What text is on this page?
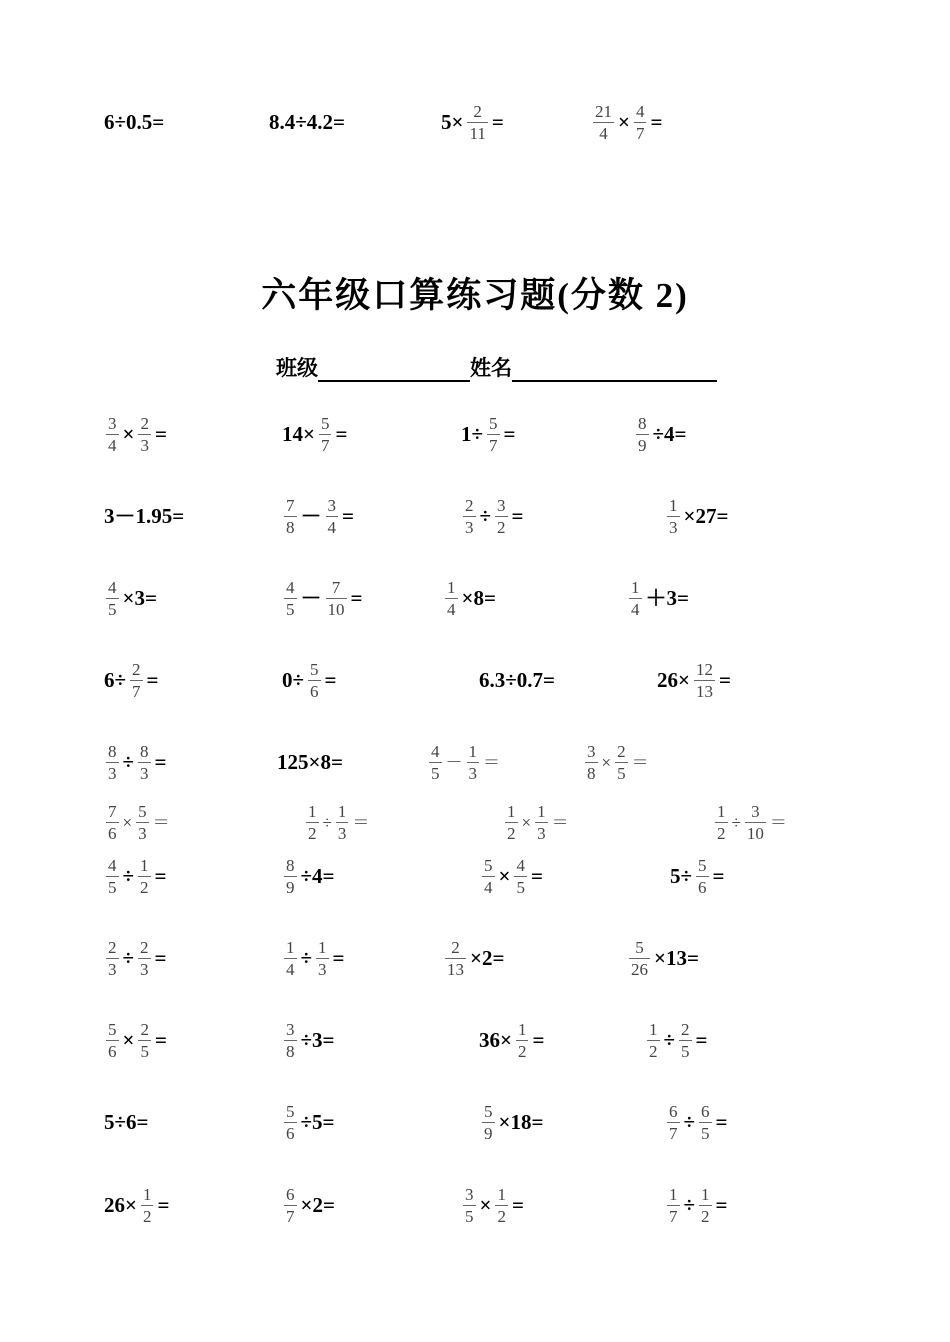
六年级口算练习题(分数 2)
班级	姓名
6÷0.5=	8.4÷4.2=	$5\times \frac{2}{11}$ =	$\frac{21}{4} \times \frac{4}{7}$ =
$\frac{3}{4} \times \frac{2}{3}$ =	$14\times \frac{5}{7}$ =	$1\div \frac{5}{7}$ =	$\frac{8}{9} \div 4=$
3－1.95=	$\frac{7}{8} - \frac{3}{4}$ =	$\frac{2}{3} \div \frac{3}{2}$ =	$\frac{1}{3} \times 27=$
$\frac{4}{5} \times 3=$	$\frac{4}{5} - \frac{7}{10}$ =	$\frac{1}{4} \times 8=$	$\frac{1}{4} +3=$
$6\div \frac{2}{7}$ =	$0\div \frac{5}{6}$ =	6.3÷0.7=	$26\times \frac{12}{13}$ =
$\frac{8}{3} \div \frac{8}{3}$ =	125×8=	$\frac{4}{5} - \frac{1}{3}$ ＝	$\frac{3}{8} \times \frac{2}{5}$ ＝
$\frac{7}{6} \times \frac{5}{3}$ ＝	$\frac{1}{2} \div \frac{1}{3}$ ＝	$\frac{1}{2} \times \frac{1}{3}$ ＝	$\frac{1}{2} \div \frac{3}{10}$ ＝
$\frac{4}{5} \div \frac{1}{2}$ =	$\frac{8}{9} \div 4=$	$\frac{5}{4} \times \frac{4}{5}$ =	$5\div \frac{5}{6}$ =
$\frac{2}{3} \div \frac{2}{3}$ =	$\frac{1}{4} \div \frac{1}{3}$ =	$\frac{2}{13} \times 2=$	$\frac{5}{26} \times 13=$
$\frac{5}{6} \times \frac{2}{5}$ =	$\frac{3}{8} \div 3=$	$36\times \frac{1}{2}$ =	$\frac{1}{2} \div \frac{2}{5}$ =
5÷6=	$\frac{5}{6} \div 5=$	$\frac{5}{9} \times 18=$	$\frac{6}{7} \div \frac{6}{5}$ =
$26\times \frac{1}{2}$ =	$\frac{6}{7} \times 2=$	$\frac{3}{5} \times \frac{1}{2}$ =	$\frac{1}{7} \div \frac{1}{2}$ =
